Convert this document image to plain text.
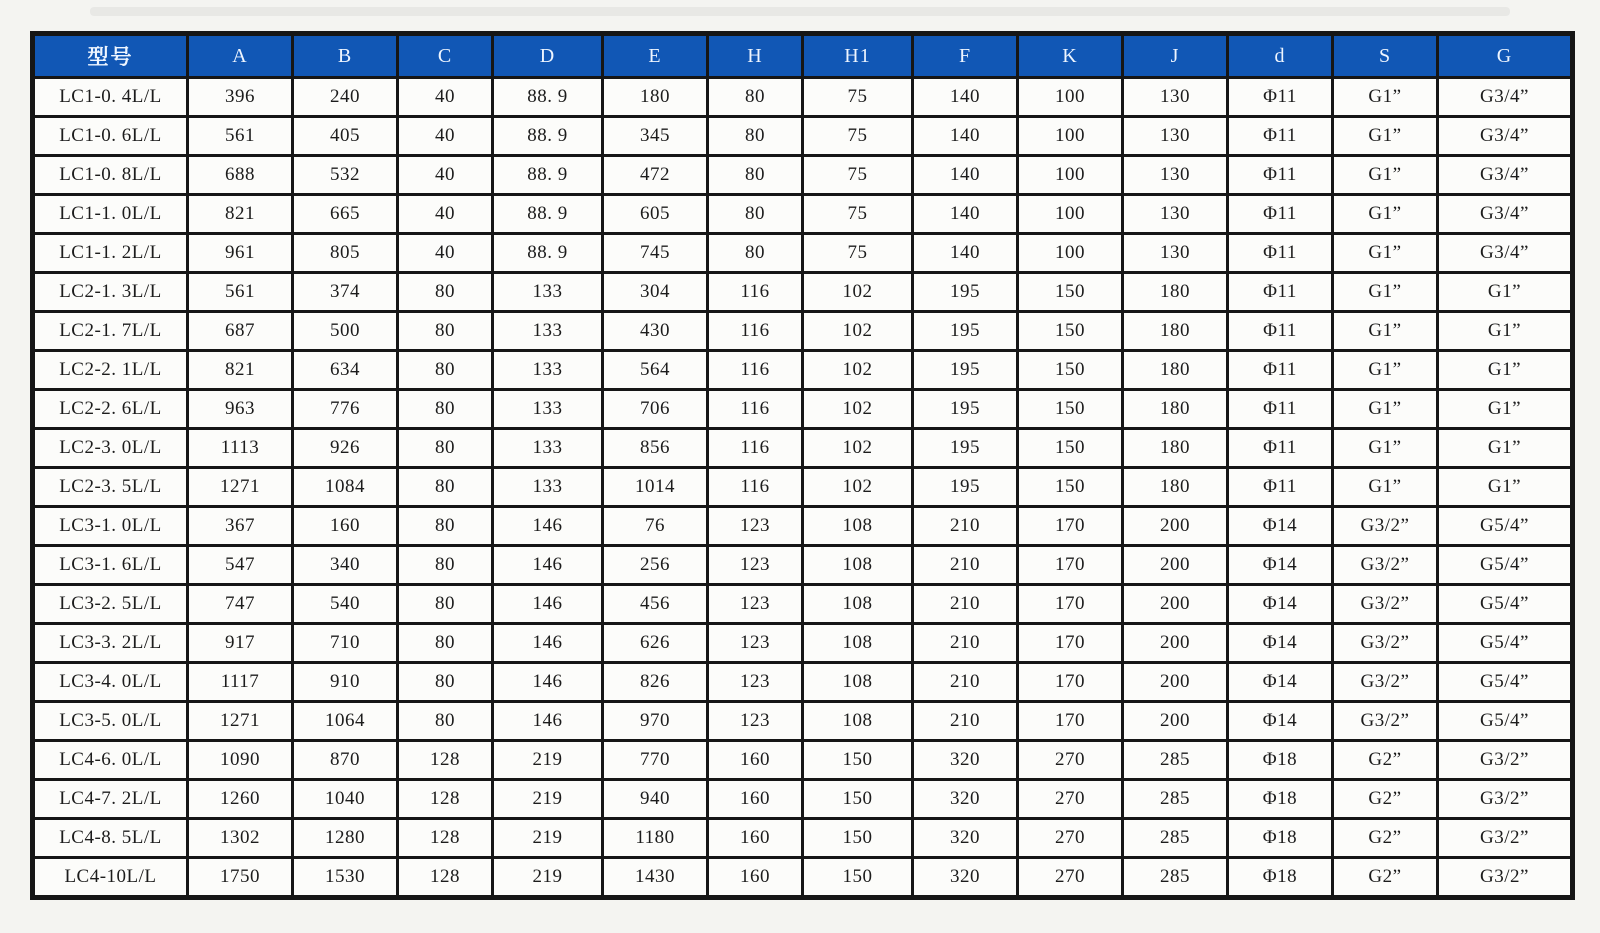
型号	A	B	C	D	E	H	H1	F	K	J	d	S	G
LC1-0. 4L/L	396	240	40	88. 9	180	80	75	140	100	130	Φ11	G1”	G3/4”
LC1-0. 6L/L	561	405	40	88. 9	345	80	75	140	100	130	Φ11	G1”	G3/4”
LC1-0. 8L/L	688	532	40	88. 9	472	80	75	140	100	130	Φ11	G1”	G3/4”
LC1-1. 0L/L	821	665	40	88. 9	605	80	75	140	100	130	Φ11	G1”	G3/4”
LC1-1. 2L/L	961	805	40	88. 9	745	80	75	140	100	130	Φ11	G1”	G3/4”
LC2-1. 3L/L	561	374	80	133	304	116	102	195	150	180	Φ11	G1”	G1”
LC2-1. 7L/L	687	500	80	133	430	116	102	195	150	180	Φ11	G1”	G1”
LC2-2. 1L/L	821	634	80	133	564	116	102	195	150	180	Φ11	G1”	G1”
LC2-2. 6L/L	963	776	80	133	706	116	102	195	150	180	Φ11	G1”	G1”
LC2-3. 0L/L	1113	926	80	133	856	116	102	195	150	180	Φ11	G1”	G1”
LC2-3. 5L/L	1271	1084	80	133	1014	116	102	195	150	180	Φ11	G1”	G1”
LC3-1. 0L/L	367	160	80	146	76	123	108	210	170	200	Φ14	G3/2”	G5/4”
LC3-1. 6L/L	547	340	80	146	256	123	108	210	170	200	Φ14	G3/2”	G5/4”
LC3-2. 5L/L	747	540	80	146	456	123	108	210	170	200	Φ14	G3/2”	G5/4”
LC3-3. 2L/L	917	710	80	146	626	123	108	210	170	200	Φ14	G3/2”	G5/4”
LC3-4. 0L/L	1117	910	80	146	826	123	108	210	170	200	Φ14	G3/2”	G5/4”
LC3-5. 0L/L	1271	1064	80	146	970	123	108	210	170	200	Φ14	G3/2”	G5/4”
LC4-6. 0L/L	1090	870	128	219	770	160	150	320	270	285	Φ18	G2”	G3/2”
LC4-7. 2L/L	1260	1040	128	219	940	160	150	320	270	285	Φ18	G2”	G3/2”
LC4-8. 5L/L	1302	1280	128	219	1180	160	150	320	270	285	Φ18	G2”	G3/2”
LC4-10L/L	1750	1530	128	219	1430	160	150	320	270	285	Φ18	G2”	G3/2”
